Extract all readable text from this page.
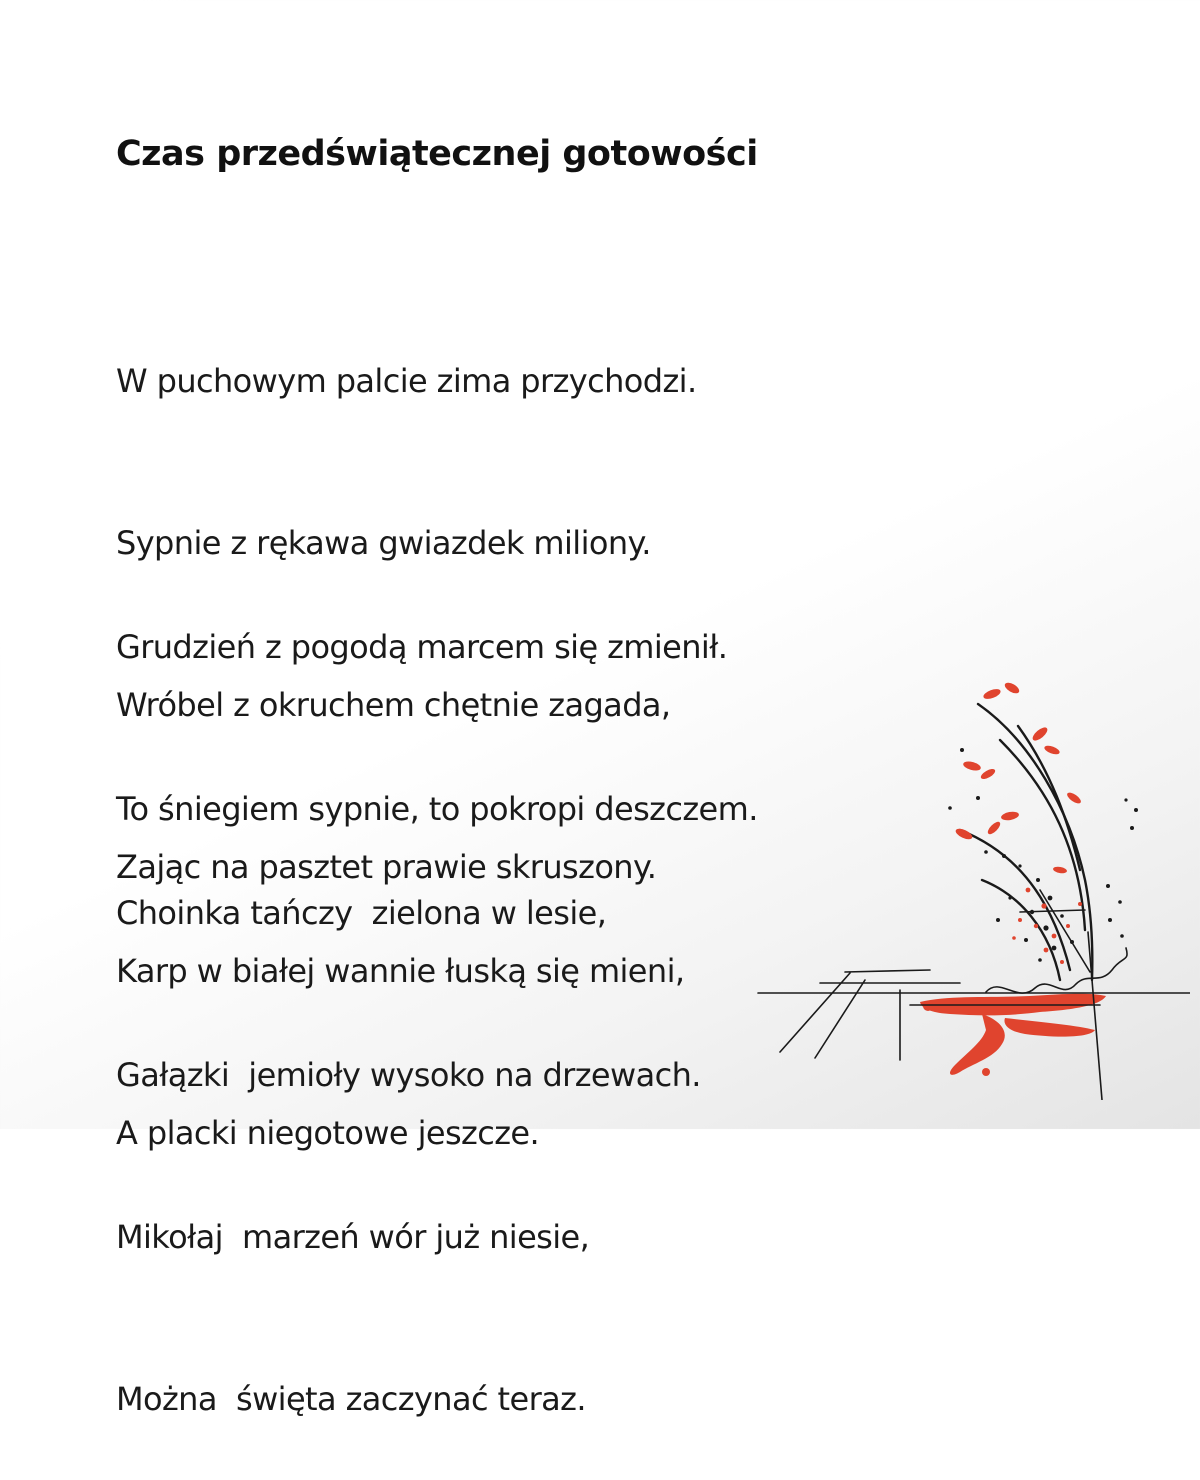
Czas przedświątecznej gotowości

W puchowym palcie zima przychodzi.

Sypnie z rękawa gwiazdek miliony.

Wróbel z okruchem chętnie zagada,

Zając na pasztet prawie skruszony.

Grudzień z pogodą marcem się zmienił.

To śniegiem sypnie, to pokropi deszczem.

Karp w białej wannie łuską się mieni,

A placki niegotowe jeszcze.

Choinka tańczy  zielona w lesie,

Gałązki  jemioły wysoko na drzewach.

Mikołaj  marzeń wór już niesie,

Można  święta zaczynać teraz.
